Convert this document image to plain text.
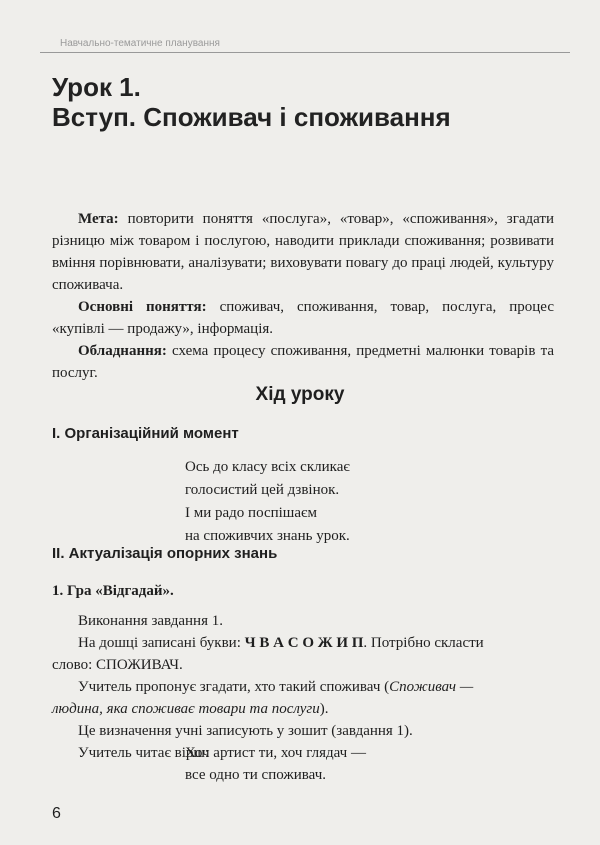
Навчально-тематичне планування
Урок 1.
Вступ. Споживач і споживання

Мета: повторити поняття «послуга», «товар», «споживання», згадати різницю між товаром і послугою, наводити приклади споживання; розвивати вміння порівнювати, аналізувати; виховувати повагу до праці людей, культуру споживача.

Основні поняття: споживач, споживання, товар, послуга, процес «купівлі — продажу», інформація.

Обладнання: схема процесу споживання, предметні малюнки товарів та послуг.

Хід уроку
I. Організаційний момент
Ось до класу всіх скликає
голосистий цей дзвінок.
І ми радо поспішаєм
на споживчих знань урок.
II. Актуалізація опорних знань
1. Гра «Відгадай».
Виконання завдання 1.
На дошці записані букви: Ч В А С О Ж И П. Потрібно скласти
слово: СПОЖИВАЧ.
Учитель пропонує згадати, хто такий споживач (Споживач —
людина, яка споживає товари та послуги).
Це визначення учні записують у зошит (завдання 1).
Учитель читає вірш:
Хоч артист ти, хоч глядач —
все одно ти споживач.
6
